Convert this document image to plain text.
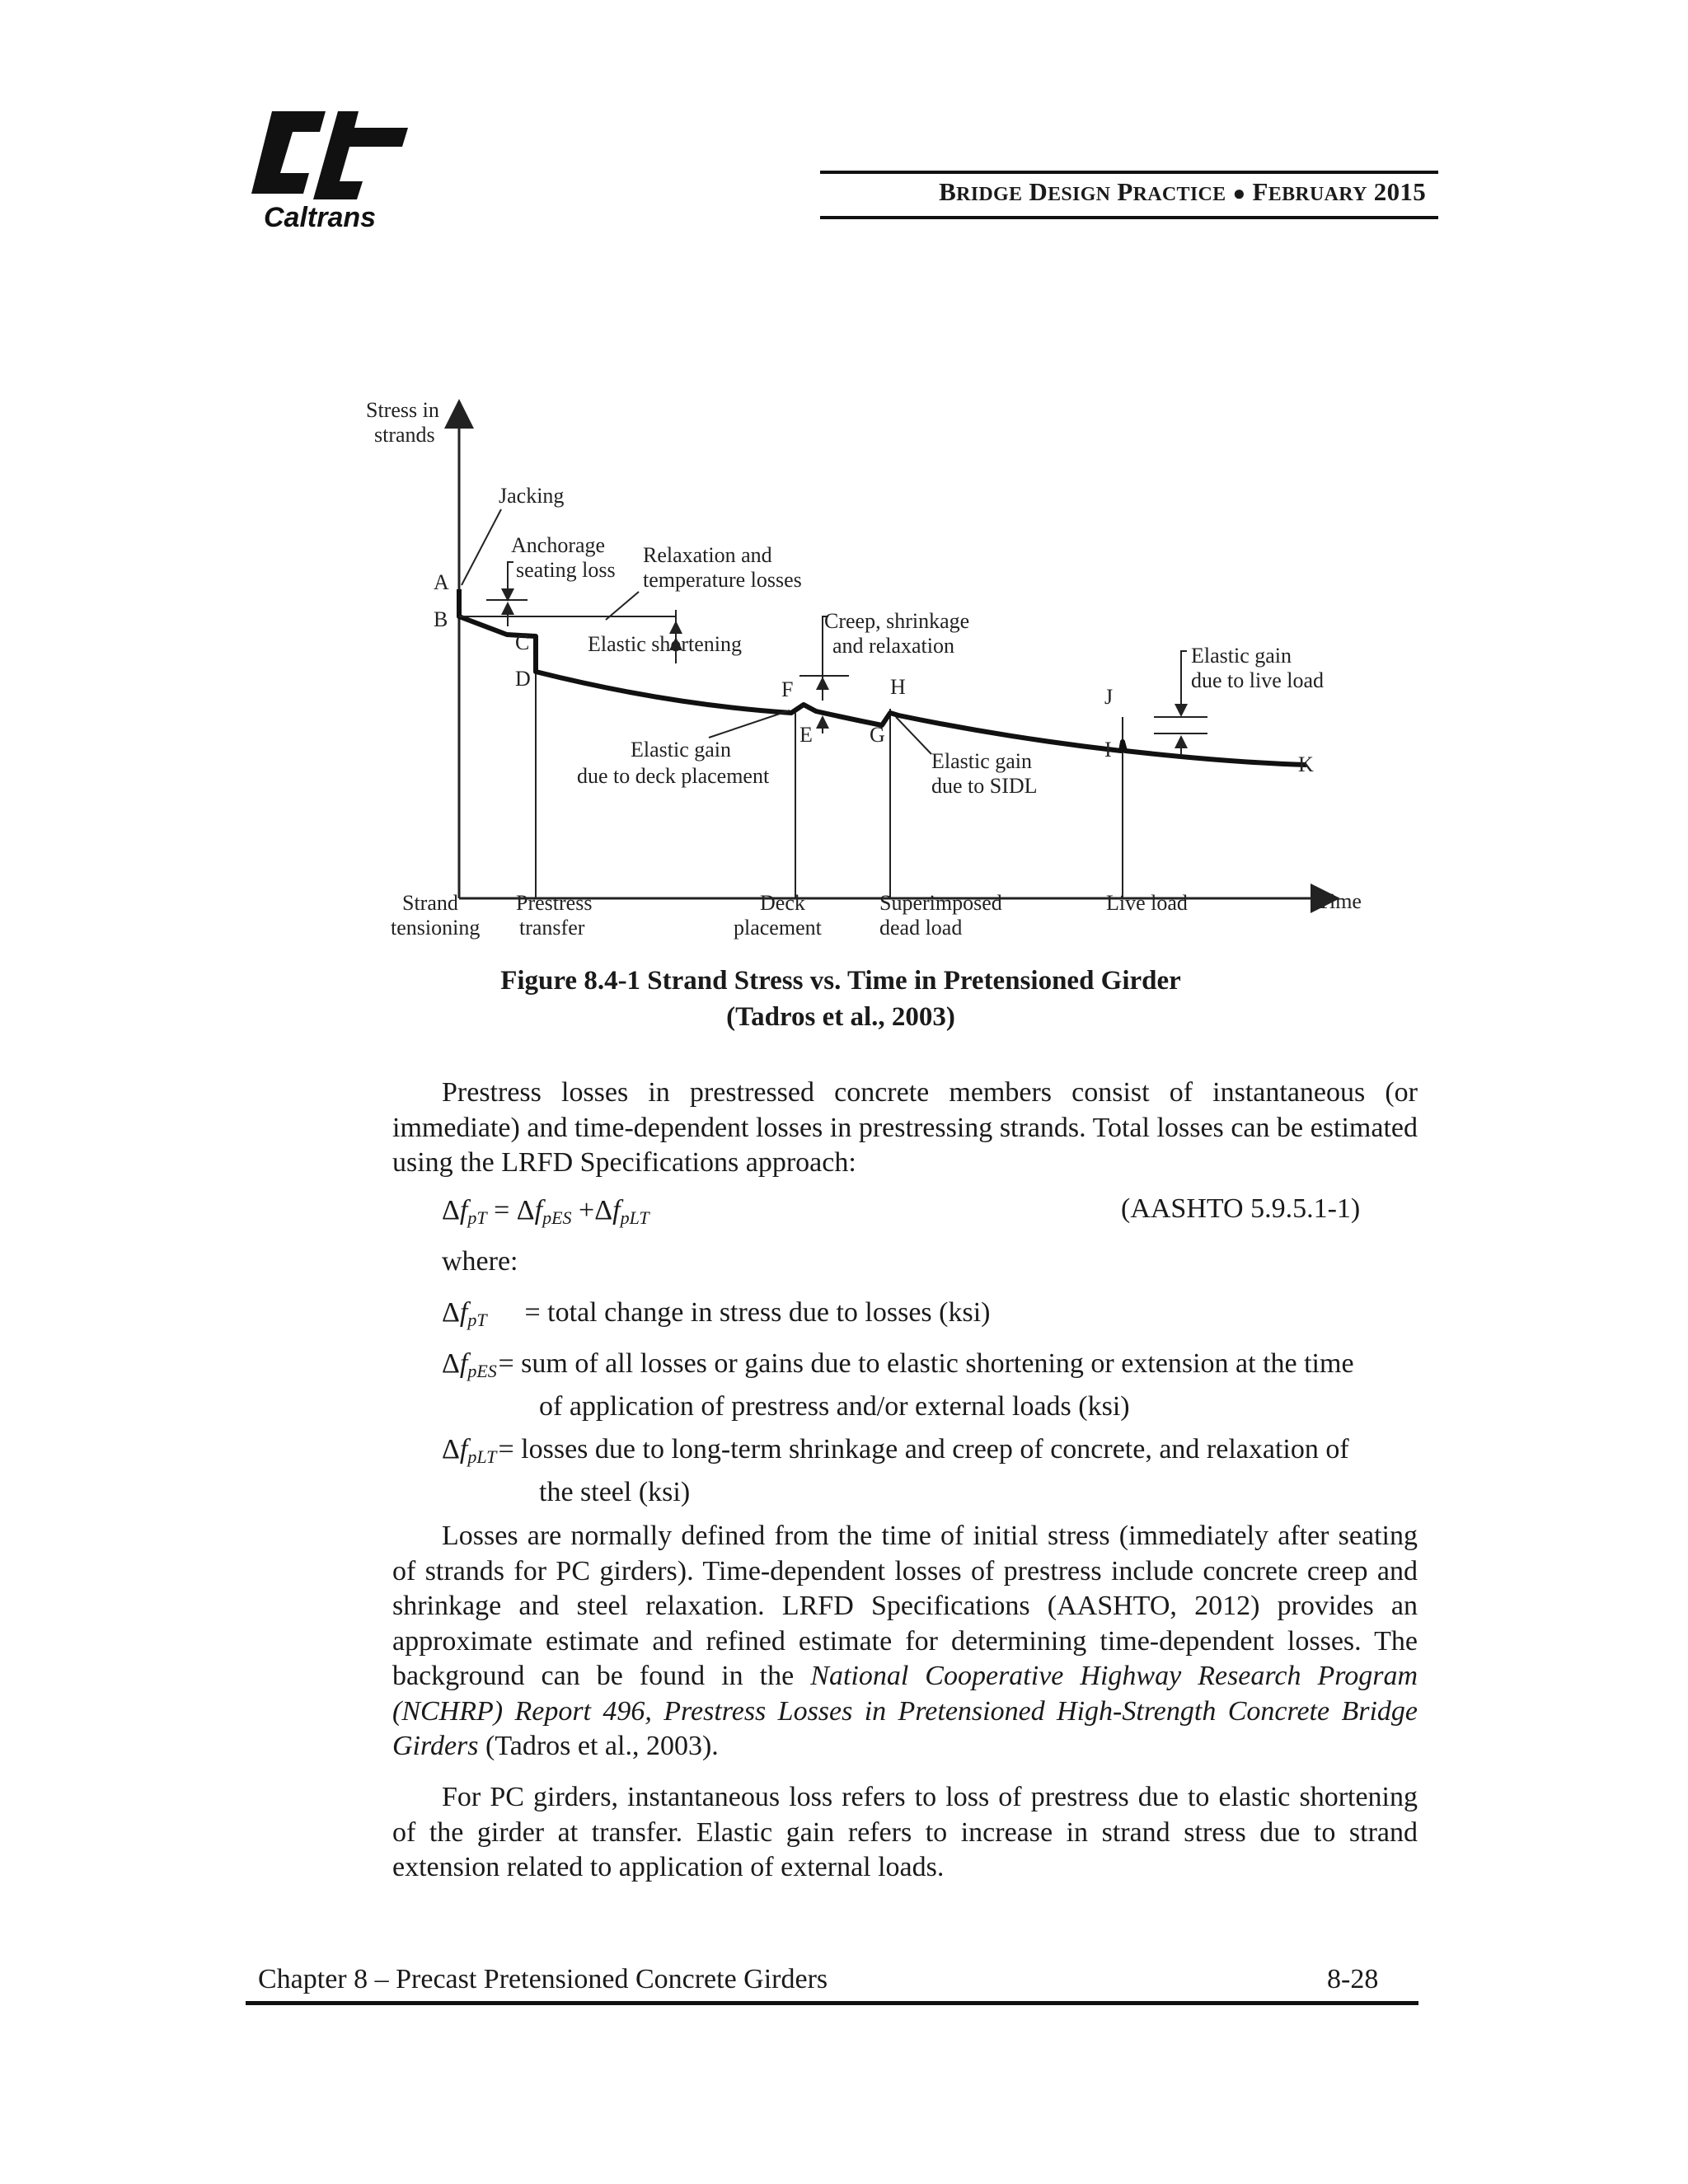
Caltrans
BRIDGE DESIGN PRACTICE ● FEBRUARY 2015
Stress in
strands
Time
Strand
tensioning
Prestress
transfer
Deck
placement
Superimposed
dead load
Live load
A
B
C
D
E
F
G
H
I
J
K
Jacking
Anchorage
seating loss
Relaxation and
temperature losses
Elastic shortening
Creep, shrinkage
and relaxation	Elastic gain
due to live load
Elastic gain
due to deck placement
Elastic gain
due to SIDL
Figure 8.4-1 Strand Stress vs. Time in Pretensioned Girder
(Tadros et al., 2003)
Prestress losses in prestressed concrete members consist of instantaneous (or immediate) and time-dependent losses in prestressing strands. Total losses can be estimated using the LRFD Specifications approach:
$\Delta f_{pT} = \Delta f_{pES} +\Delta f_{pLT}$	(AASHTO 5.9.5.1-1)
where:
$\Delta f_{pT}$ = total change in stress due to losses (ksi)
$\Delta f_{pES}$ = sum of all losses or gains due to elastic shortening or extension at the time
of application of prestress and/or external loads (ksi)
$\Delta f_{pLT}$ = losses due to long-term shrinkage and creep of concrete, and relaxation of
the steel (ksi)
Losses are normally defined from the time of initial stress (immediately after seating of strands for PC girders). Time-dependent losses of prestress include concrete creep and shrinkage and steel relaxation. LRFD Specifications (AASHTO, 2012) provides an approximate estimate and refined estimate for determining time-dependent losses. The background can be found in the National Cooperative Highway Research Program (NCHRP) Report 496, Prestress Losses in Pretensioned High-Strength Concrete Bridge Girders (Tadros et al., 2003).
For PC girders, instantaneous loss refers to loss of prestress due to elastic shortening of the girder at transfer. Elastic gain refers to increase in strand stress due to strand extension related to application of external loads.
Chapter 8 – Precast Pretensioned Concrete Girders	8-28
